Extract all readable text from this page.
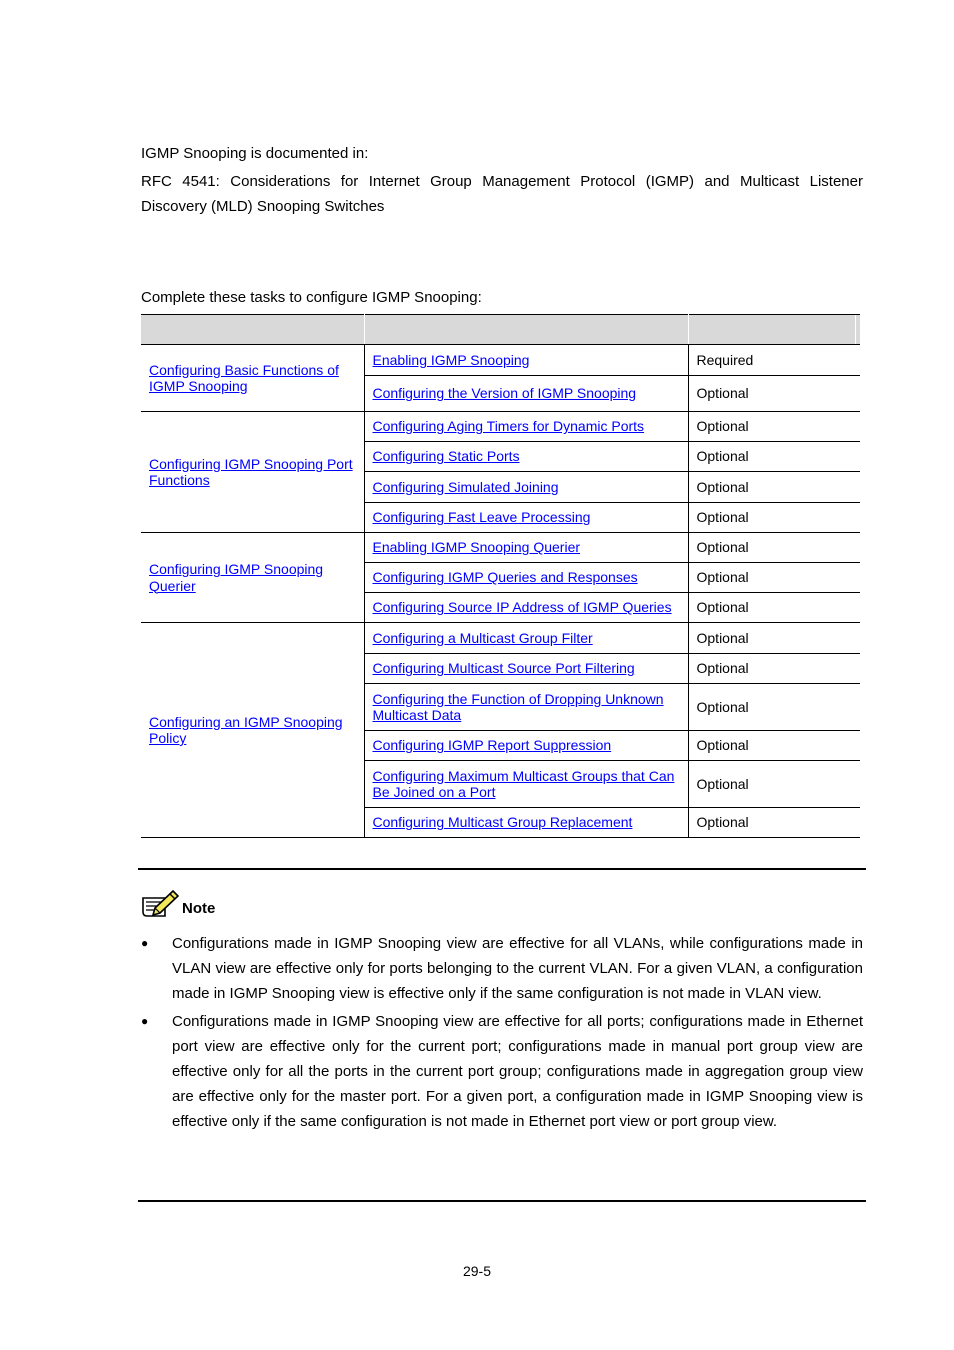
IGMP Snooping is documented in:

RFC 4541: Considerations for Internet Group Management Protocol (IGMP) and Multicast Listener Discovery (MLD) Snooping Switches

Complete these tasks to configure IGMP Snooping:

Configuring Basic Functions of IGMP Snooping	Enabling IGMP Snooping	Required
	Configuring the Version of IGMP Snooping	Optional
Configuring IGMP Snooping Port Functions	Configuring Aging Timers for Dynamic Ports	Optional
	Configuring Static Ports	Optional
	Configuring Simulated Joining	Optional
	Configuring Fast Leave Processing	Optional
Configuring IGMP Snooping Querier	Enabling IGMP Snooping Querier	Optional
	Configuring IGMP Queries and Responses	Optional
	Configuring Source IP Address of IGMP Queries	Optional
Configuring an IGMP Snooping Policy	Configuring a Multicast Group Filter	Optional
	Configuring Multicast Source Port Filtering	Optional
	Configuring the Function of Dropping Unknown Multicast Data	Optional
	Configuring IGMP Report Suppression	Optional
	Configuring Maximum Multicast Groups that Can Be Joined on a Port	Optional
	Configuring Multicast Group Replacement	Optional
Note
● Configurations made in IGMP Snooping view are effective for all VLANs, while configurations made in VLAN view are effective only for ports belonging to the current VLAN. For a given VLAN, a configuration made in IGMP Snooping view is effective only if the same configuration is not made in VLAN view.
● Configurations made in IGMP Snooping view are effective for all ports; configurations made in Ethernet port view are effective only for the current port; configurations made in manual port group view are effective only for all the ports in the current port group; configurations made in aggregation group view are effective only for the master port. For a given port, a configuration made in IGMP Snooping view is effective only if the same configuration is not made in Ethernet port view or port group view.
29-5
